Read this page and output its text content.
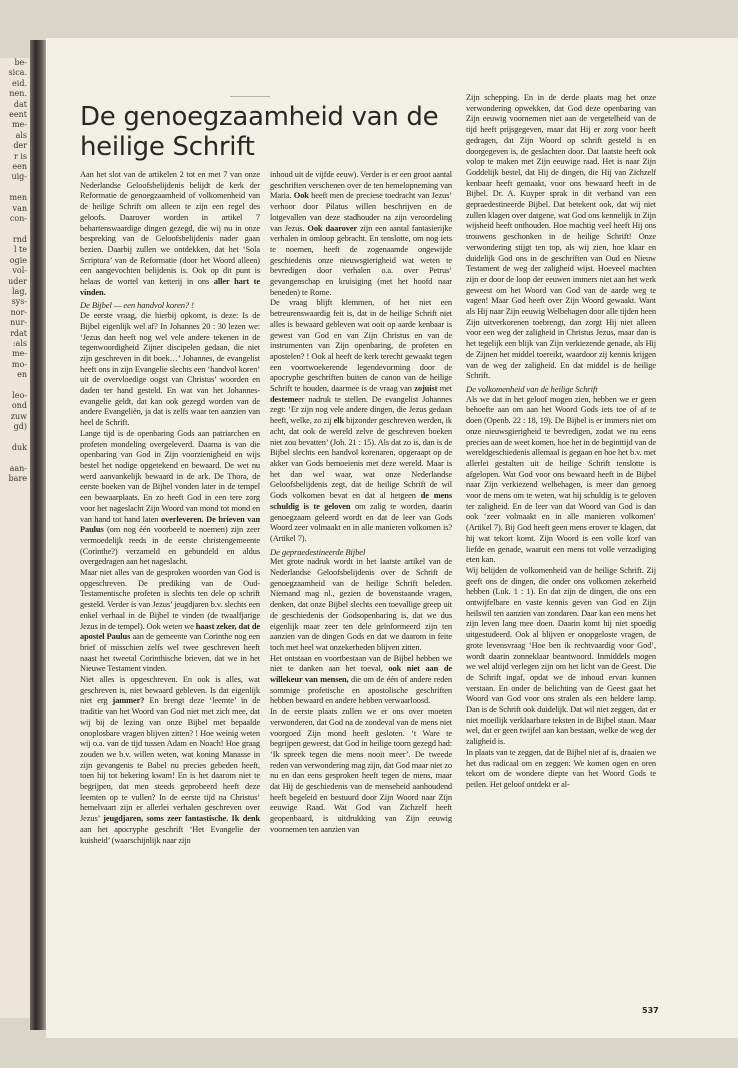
be-
sica.
eid.
nen.
dat
eent
me-
als
der
r is
een
uig-

men
van
con-

rnd
l te
ogie
vol-
uder
lag,
sys-
nor-
nur-
rdat
:als
me-
mo-
en

leo-
ond
zuw
gd)

duk

aan-
bare
De genoegzaamheid van de heilige Schrift

Aan het slot van de artikelen 2 tot en met 7 van onze Nederlandse Geloofsbelijdenis belijdt de kerk der Reformatie de genoegzaamheid of volkomenheid van de heilige Schrift om alleen te zijn een regel des geloofs. Daarover worden in artikel 7 behartenswaardige dingen gezegd, die wij nu in onze bespreking van de Geloofsbelijdenis nader gaan bezien. Daarbij zullen we ontdekken, dat het ‘Sola Scriptura’ van de Reformatie (door het Woord alleen) een aangevochten belijdenis is. Ook op dit punt is helaas de wortel van ketterij in ons aller hart te vinden.

De Bijbel — een handvol koren? !

De eerste vraag, die hierbij opkomt, is deze: Is de Bijbel eigenlijk wel af? In Johannes 20 : 30 lezen we: ‘Jezus dan heeft nog wel vele andere tekenen in de tegenwoordigheid Zijner discipelen gedaan, die niet zijn geschreven in dit boek…’ Johannes, de evangelist heeft ons in zijn Evangelie slechts een ‘handvol koren’ uit de overvloedige oogst van Christus’ woorden en daden ter hand gesteld. En wat van het Johannes-evangelie geldt, dat kan ook gezegd worden van de andere Evangeliën, ja dat is zelfs waar ten aanzien van heel de Schrift.

Lange tijd is de openbaring Gods aan patriarchen en profeten mondeling overgeleverd. Daarna is van die openbaring van God in Zijn voorzienigheid en wijs bestel het nodige opgetekend en bewaard. De wet nu werd aanvankelijk bewaard in de ark. De Thora, de eerste boeken van de Bijbel vonden later in de tempel een bewaarplaats. En zo heeft God in een tere zorg voor het nageslacht Zijn Woord van mond tot mond en van hand tot hand laten overleveren. De brieven van Paulus (om nog één voorbeeld te noemen) zijn zeer vermoedelijk reeds in de eerste christengemeente (Corinthe?) verzameld en gebundeld en aldus overgedragen aan het nageslacht.

Maar niet alles van de gesproken woorden van God is opgeschreven. De prediking van de Oud-Testamentische profeten is slechts ten dele op schrift gesteld. Verder is van Jezus’ jeugdjaren b.v. slechts een enkel verhaal in de Bijbel te vinden (de twaalfjarige Jezus in de tempel). Ook weten we haast zeker, dat de apostel Paulus aan de gemeente van Corinthe nog een brief of misschien zelfs wel twee geschreven heeft naast het tweetal Corinthische brieven, dat we in het Nieuwe Testament vinden.

Niet alles is opgeschreven. En ook is alles, wat geschreven is, niet bewaard gebleven. Is dat eigenlijk niet erg jammer? En brengt deze ‘leemte’ in de traditie van het Woord van God niet met zich mee, dat wij bij de lezing van onze Bijbel met bepaalde onoplosbare vragen blijven zitten? ! Hoe weinig weten wij o.a. van de tijd tussen Adam en Noach! Hoe graag zouden we b.v. willen weten, wat koning Manasse in zijn gevangenis te Babel nu precies gebeden heeft, toen hij tot bekering kwam! En is het daarom niet te begrijpen, dat men steeds geprobeerd heeft deze leemten op te vullen? In de eerste tijd na Christus’ hemelvaart zijn er allerlei verhalen geschreven over Jezus’ jeugdjaren, soms zeer fantastische. Ik denk aan het apocryphe geschrift ‘Het Evangelie der kuisheid’ (waarschijnlijk naar zijn

inhoud uit de vijfde eeuw). Verder is er een groot aantal geschriften verschenen over de ten hemelopneming van Maria. Ook heeft men de preciese toedracht van Jezus’ verhoor door Pilatus willen beschrijven en de lotgevallen van deze stadhouder na zijn veroordeling van Jezus. Ook daarover zijn een aantal fantasierijke verhalen in omloop gebracht. En tenslotte, om nog iets te noemen, heeft de zogenaamde ongewijde geschiedenis onze nieuwsgierigheid wat weten te bevredigen door verhalen o.a. over Petrus’ gevangenschap en kruisiging (met het hoofd naar beneden) te Rome.

De vraag blijft klemmen, of het niet een betreurenswaardig feit is, dat in de heilige Schrift niet alles is bewaard gebleven wat ooit op aarde kenbaar is gewest van God en van Zijn Christus en van de instrumenten van Zijn openbaring, de profeten en apostelen? ! Ook al heeft de kerk terecht gewaakt tegen een voortwoekerende legendevorming door de apocryphe geschriften buiten de canon van de heilige Schrift te houden, daarmee is de vraag van zojuist met destemeer nadruk te stellen. De evangelist Johannes zegt: ‘Er zijn nog vele andere dingen, die Jezus gedaan heeft, welke, zo zij elk bijzonder geschreven werden, ik acht, dat ook de wereld zelve de geschreven boeken niet zou bevatten’ (Joh. 21 : 15). Als dat zo is, dan is de Bijbel slechts een handvol korenaren, opgeraapt op de akker van Gods bemoeienis met deze wereld. Maar is het dan wel waar, wat onze Nederlandse Geloofsbelijdenis zegt, dat de heilige Schrift de wil Gods volkomen bevat en dat al hetgeen de mens schuldig is te geloven om zalig te worden, daarin genoegzaam geleerd wordt en dat de leer van Gods Woord zeer volmaakt en in alle manieren volkomen is? (Artikel 7).

De gepraedestineerde Bijbel

Met grote nadruk wordt in het laatste artikel van de Nederlandse Geloofsbelijdenis over de Schrift de genoegzaamheid van de heilige Schrift beleden. Niemand mag nl., gezien de bovenstaande vragen, denken, dat onze Bijbel slechts een toevallige greep uit de geschiedenis der Godsopenbaring is, dat we dus eigenlijk maar zeer ten dele geïnformeerd zijn ten aanzien van de dingen Gods en dat we daarom in feite toch met heel wat onzekerheden blijven zitten.

Het ontstaan en voortbestaan van de Bijbel hebben we niet te danken aan het toeval, ook niet aan de willekeur van mensen, die om de één of andere reden sommige profetische en apostolische geschriften hebben bewaard en andere hebben verwaarloosd.

In de eerste plaats zullen we er ons over moeten verwonderen, dat God na de zondeval van de mens niet voorgoed Zijn mond heeft gesloten. ‘t Ware te begrijpen geweest, dat God in heilige toorn gezegd had: ‘Ik spreek tegen die mens nooit meer’. De tweede reden van verwondering mag zijn, dat God maar niet zo nu en dan eens gesproken heeft tegen de mens, maar dat Hij de geschiedenis van de menseheid aanhoudend heeft begeleid en bestuurd door Zijn Woord naar Zijn eeuwige Raad. Wat God van Zichzelf heeft geopenbaard, is uitdrukking van Zijn eeuwig voornemen ten aanzien van

Zijn schepping. En in de derde plaats mag het onze verwondering opwekken, dat God deze openbaring van Zijn eeuwig voornemen niet aan de vergetelheid van de tijd heeft prijsgegeven, maar dat Hij er zorg voor heeft gedragen, dat Zijn Woord op schrift gesteld is en doorgegeven is, de geslachten door. Dat laatste heeft ook volop te maken met Zijn eeuwige raad. Het is naar Zijn Goddelijk bestel, dat Hij de dingen, die Hij van Zichzelf kenbaar heeft gemaakt, voor ons bewaard heeft in de Bijbel. Dr. A. Kuyper sprak in dit verband van een gepraedestineerde Bijbel. Dat betekent ook, dat wij niet zullen klagen over datgene, wat God ons kennelijk in Zijn wijsheid heeft onthouden. Hoe machtig veel heeft Hij ons trouwens geschonken in de heilige Schrift! Onze verwondering stijgt ten top, als wij zien, hoe klaar en duidelijk God ons in de geschriften van Oud en Nieuw Testament de weg der zaligheid wijst. Hoeveel machten zijn er door de loop der eeuwen immers niet aan het werk geweest om het Woord van God van de aarde weg te vagen! Maar God heeft over Zijn Woord gewaakt. Want als Hij naar Zijn eeuwig Welbehagen door alle tijden heen Zijn uitverkorenen toebrengt, dan zorgt Hij niet alleen voor een weg der zaligheid in Christus Jezus, maar dan is het tegelijk een blijk van Zijn verkiezende genade, als Hij de Zijnen het middel toereikt, waardoor zij kennis krijgen van de weg der zaligheid. En dat middel is de heilige Schrift.

De volkomenheid van de heilige Schrift

Als we dat in het geloof mogen zien, hebben we er geen behoefte aan om aan het Woord Gods iets toe of af te doen (Openb. 22 : 18, 19). De Bijbel is er immers niet om onze nieuwsgierigheid te bevredigen, zodat we nu eens precies aan de weet komen, hoe het in de beginttijd van de wereldgeschiedenis allemaal is gegaan en hoe het b.v. met allerlei gestalten uit de heilige Schrift tenslotte is afgelopen. Wat God voor ons bewaard heeft in de Bijbel naar Zijn verkiezend welbehagen, is meer dan genoeg voor de mens om te weten, wat hij schuldig is te geloven ter zaligheid. En de leer van dat Woord van God is dan ook ‘zeer volmaakt en in alle manieren volkomen’ (Artikel 7). Bij God heeft geen mens erover te klagen, dat hij wat tekort komt. Zijn Woord is een volle korf van liefde en genade, waaruit een mens tot volle verzadiging eten kan.

Wij belijden de volkomenheid van de heilige Schrift. Zij geeft ons de dingen, die onder ons volkomen zekerheid hebben (Luk. 1 : 1). En dat zijn de dingen, die ons een ontwijfelbare en vaste kennis geven van God en Zijn heilswil ten aanzien van zondaren. Daar kan een mens het zijn leven lang mee doen. Daarin komt hij niet spoedig uitgestudeerd. Ook al blijven er onopgeloste vragen, de grote levensvraag ‘Hoe ben ik rechtvaardig voor God’, wordt daarin zonneklaar beantwoord. Inmiddels mogen we wel altijd verlegen zijn om het licht van de Geest. Die de Schrift ingaf, opdat we de inhoud ervan kunnen verstaan. En onder de belichting van de Geest gaat het Woord van God voor ons stralen als een heldere lamp. Dan is de Schrift ook duidelijk. Dat wil niet zeggen, dat er niet moeilijk verklaarbare teksten in de Bijbel staan. Maar wel, dat er geen twijfel aan kan bestaan, welke de weg der zaligheid is.

In plaats van te zeggen, dat de Bijbel niet af is, draaien we het dus radicaal om en zeggen: We komen ogen en oren tekort om de wondere diepte van het Woord Gods te peilen. Het geloof ontdekt er al-

537
